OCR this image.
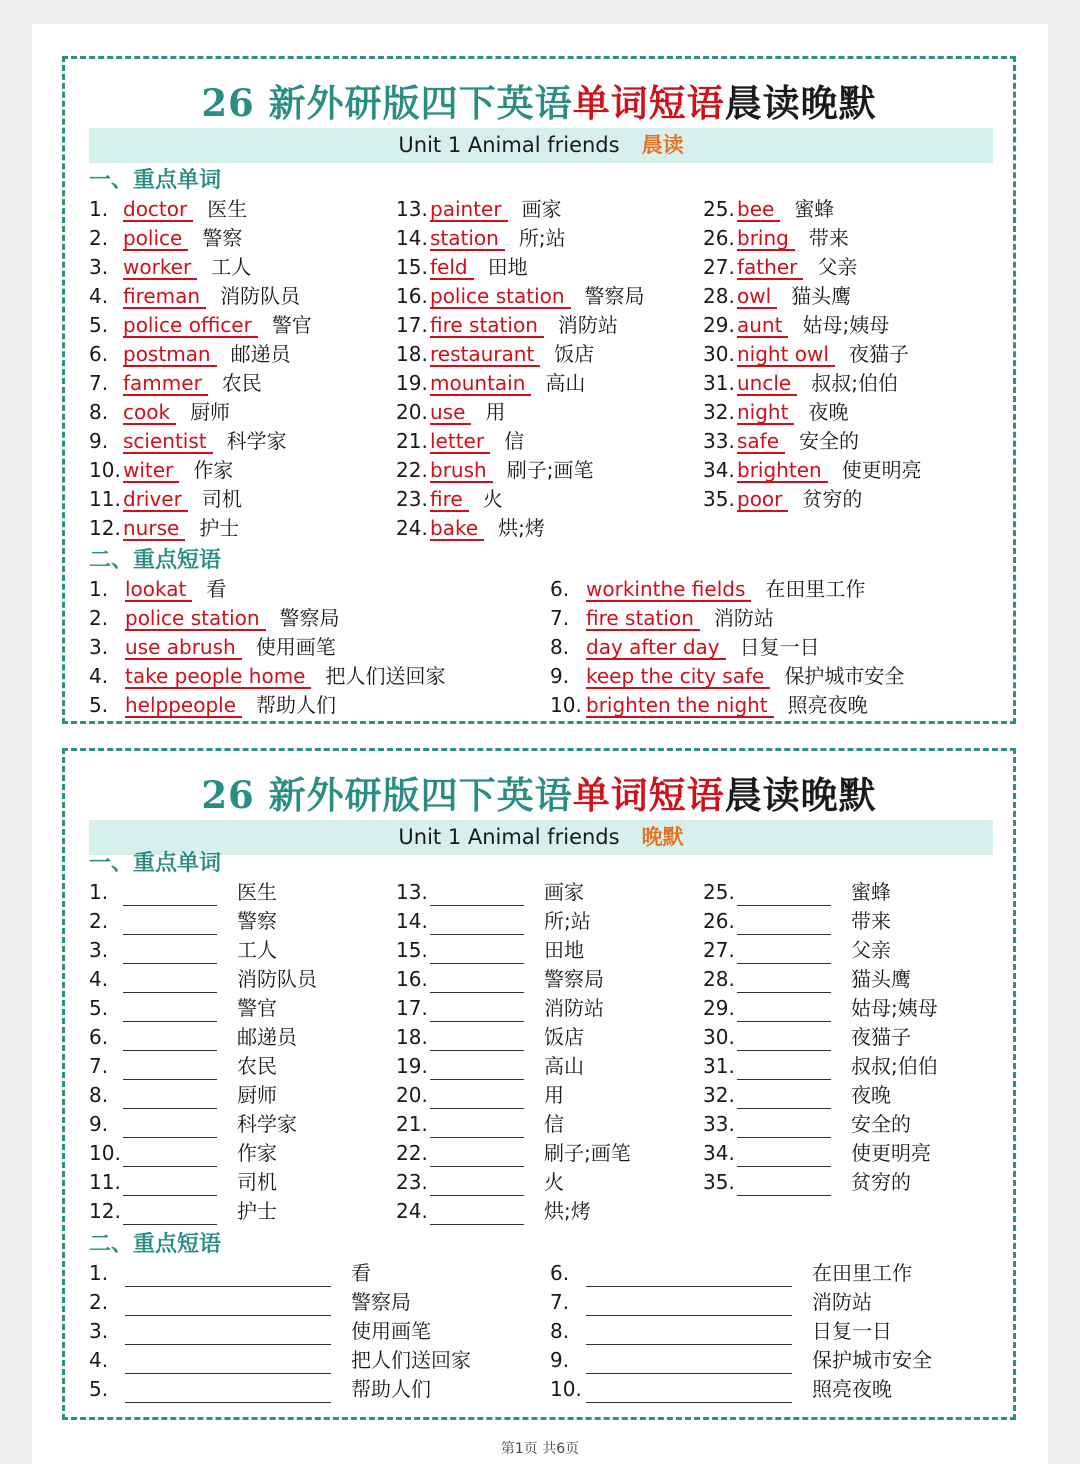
26 新外研版四下英语单词短语晨读晚默
Unit 1 Animal friends 晨读
一、重点单词
1. doctor 医生
2. police 警察
3. worker 工人
4. fireman 消防队员
5. police officer 警官
6. postman 邮递员
7. fammer 农民
8. cook 厨师
9. scientist 科学家
10. witer 作家
11. driver 司机
12. nurse 护士
13. painter 画家
14. station 所;站
15. feld 田地
16. police station 警察局
17. fire station 消防站
18. restaurant 饭店
19. mountain 高山
20. use 用
21. letter 信
22. brush 刷子;画笔
23. fire 火
24. bake 烘;烤
25. bee 蜜蜂
26. bring 带来
27. father 父亲
28. owl 猫头鹰
29. aunt 姑母;姨母
30. night owl 夜猫子
31. uncle 叔叔;伯伯
32. night 夜晚
33. safe 安全的
34. brighten 使更明亮
35. poor 贫穷的
二、重点短语
1. lookat 看
2. police station 警察局
3. use abrush 使用画笔
4. take people home 把人们送回家
5. helppeople 帮助人们
6. workinthe fields 在田里工作
7. fire station 消防站
8. day after day 日复一日
9. keep the city safe 保护城市安全
10. brighten the night 照亮夜晚
26 新外研版四下英语单词短语晨读晚默
Unit 1 Animal friends 晚默
一、重点单词
1.	医生
2.	警察
3.	工人
4.	消防队员
5.	警官
6.	邮递员
7.	农民
8.	厨师
9.	科学家
10.	作家
11.	司机
12.	护士
13.	画家
14.	所;站
15.	田地
16.	警察局
17.	消防站
18.	饭店
19.	高山
20.	用
21.	信
22.	刷子;画笔
23.	火
24.	烘;烤
25.	蜜蜂
26.	带来
27.	父亲
28.	猫头鹰
29.	姑母;姨母
30.	夜猫子
31.	叔叔;伯伯
32.	夜晚
33.	安全的
34.	使更明亮
35.	贫穷的
二、重点短语
1.	看
2.	警察局
3.	使用画笔
4.	把人们送回家
5.	帮助人们
6.	在田里工作
7.	消防站
8.	日复一日
9.	保护城市安全
10.	照亮夜晚
第1页 共6页
